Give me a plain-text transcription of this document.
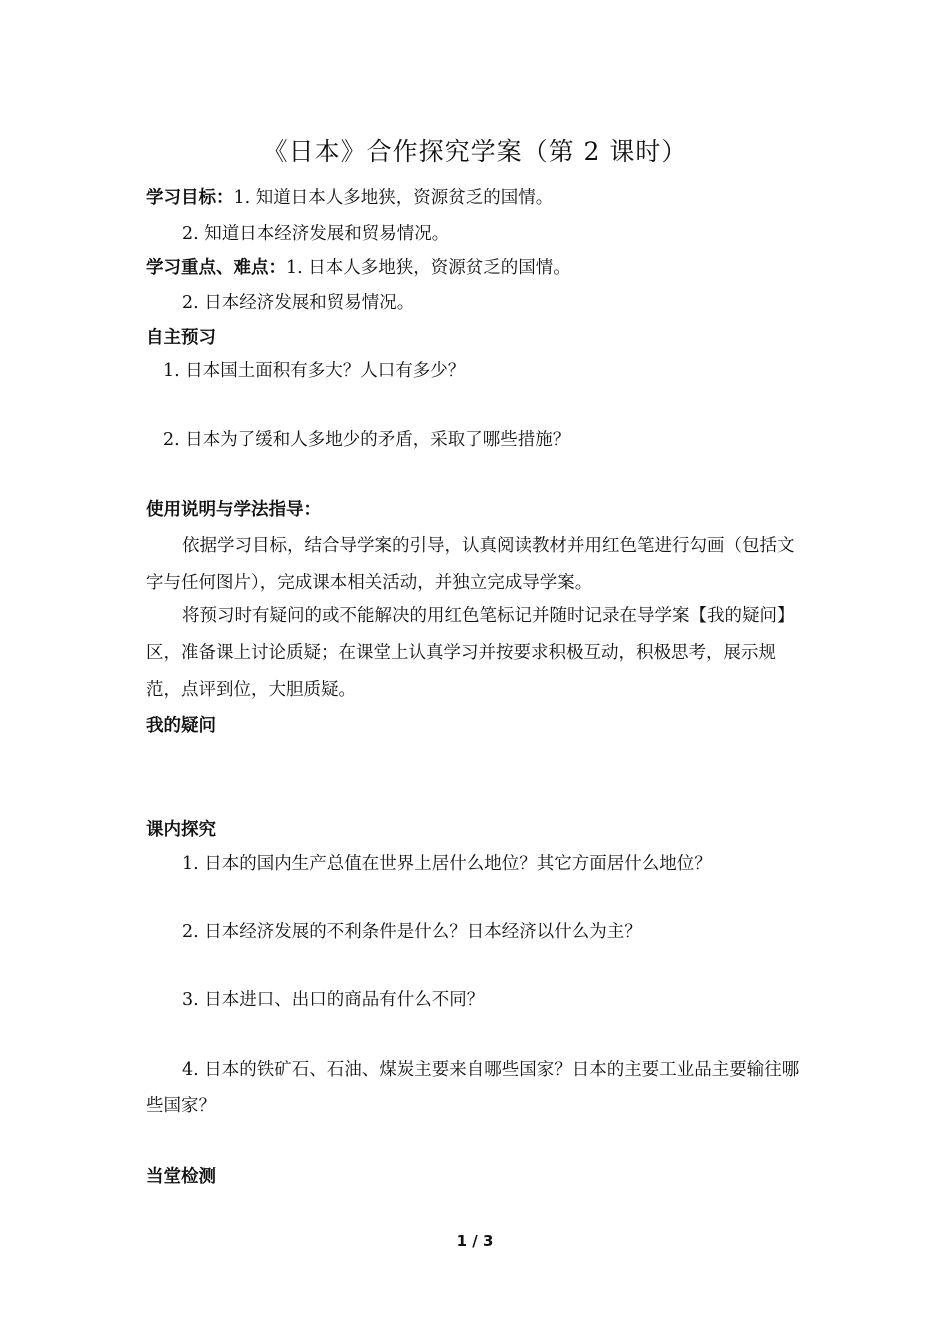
《日本》合作探究学案（第 2 课时）
学习目标：1. 知道日本人多地狭，资源贫乏的国情。
2. 知道日本经济发展和贸易情况。
学习重点、难点：1. 日本人多地狭，资源贫乏的国情。
2. 日本经济发展和贸易情况。
自主预习
1. 日本国土面积有多大？人口有多少？
2. 日本为了缓和人多地少的矛盾，采取了哪些措施？
使用说明与学法指导：
依据学习目标，结合导学案的引导，认真阅读教材并用红色笔进行勾画（包括文字与任何图片），完成课本相关活动，并独立完成导学案。
将预习时有疑问的或不能解决的用红色笔标记并随时记录在导学案【我的疑问】区，准备课上讨论质疑；在课堂上认真学习并按要求积极互动，积极思考，展示规范，点评到位，大胆质疑。
我的疑问
课内探究
1. 日本的国内生产总值在世界上居什么地位？其它方面居什么地位？
2. 日本经济发展的不利条件是什么？日本经济以什么为主？
3. 日本进口、出口的商品有什么不同？
4. 日本的铁矿石、石油、煤炭主要来自哪些国家？日本的主要工业品主要输往哪些国家？
当堂检测
1 / 3
